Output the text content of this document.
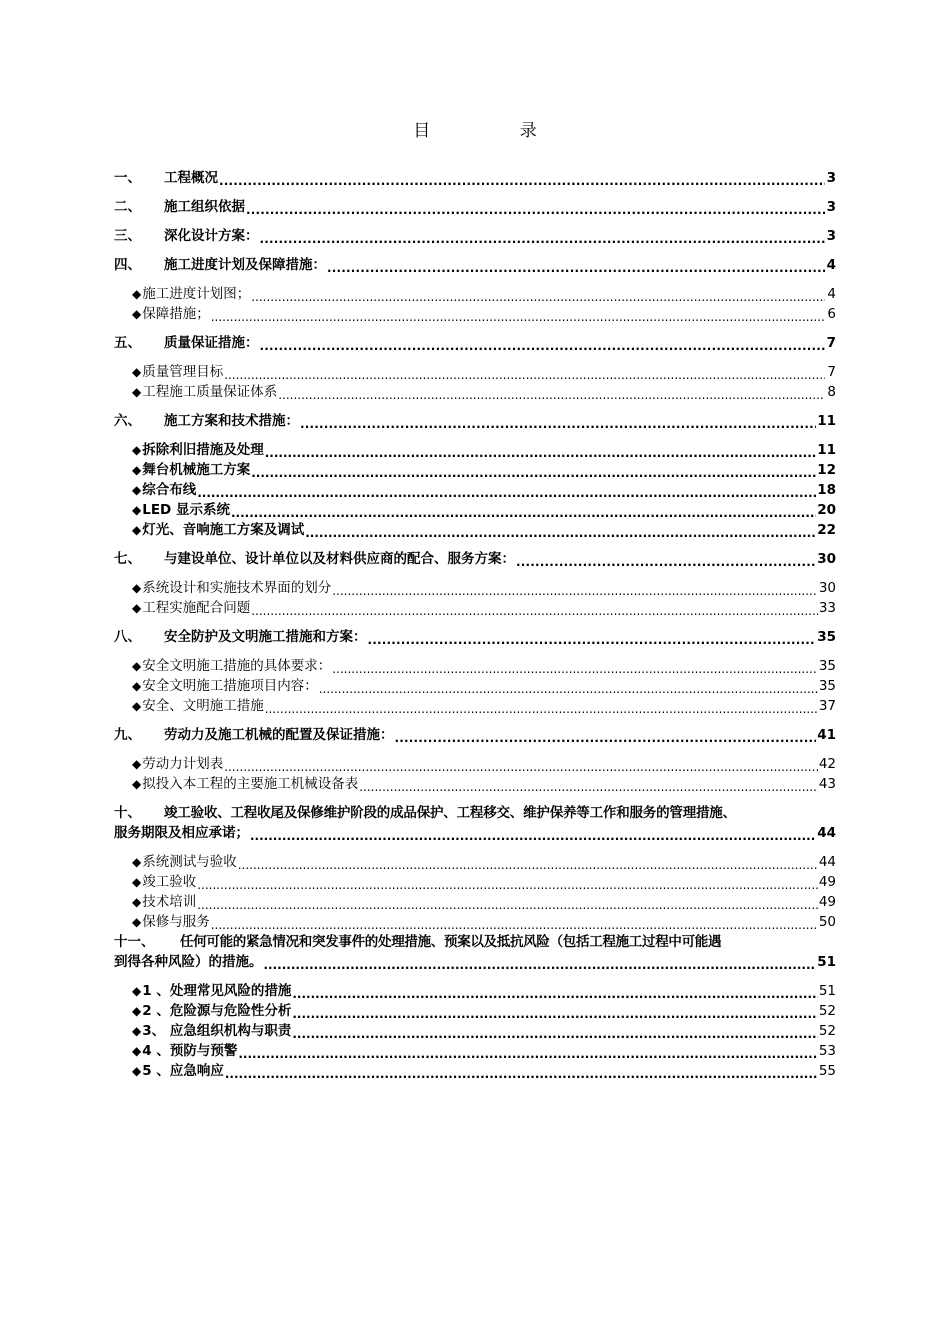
目 录
一、	工程概况 .....	3
二、	施工组织依据 .....	3
三、	深化设计方案： .....	3
四、	施工进度计划及保障措施： .....	4
◆ 施工进度计划图； .....	4
◆ 保障措施； .....	6
五、	质量保证措施： .....	7
◆ 质量管理目标 .....	7
◆ 工程施工质量保证体系 .....	8
六、	施工方案和技术措施： .....	11
◆ 拆除利旧措施及处理 .....	11
◆ 舞台机械施工方案 .....	12
◆ 综合布线 .....	18
◆ LED 显示系统 .....	20
◆ 灯光、音响施工方案及调试 .....	22
七、	与建设单位、设计单位以及材料供应商的配合、服务方案： .....	30
◆ 系统设计和实施技术界面的划分 .....	30
◆ 工程实施配合问题 .....	33
八、	安全防护及文明施工措施和方案： .....	35
◆ 安全文明施工措施的具体要求： .....	35
◆ 安全文明施工措施项目内容： .....	35
◆ 安全、文明施工措施 .....	37
九、	劳动力及施工机械的配置及保证措施： .....	41
◆ 劳动力计划表 .....	42
◆ 拟投入本工程的主要施工机械设备表 .....	43
十、 竣工验收、工程收尾及保修维护阶段的成品保护、工程移交、维护保养等工作和服务的管理措施、
服务期限及相应承诺； .....	44
◆ 系统测试与验收 .....	44
◆ 竣工验收 .....	49
◆ 技术培训 .....	49
◆ 保修与服务 .....	50
十一、 任何可能的紧急情况和突发事件的处理措施、预案以及抵抗风险（包括工程施工过程中可能遇
到得各种风险）的措施。 .....	51
◆ 1 、处理常见风险的措施 .....	51
◆ 2 、危险源与危险性分析 .....	52
◆ 3、 应急组织机构与职责 .....	52
◆ 4 、预防与预警 .....	53
◆ 5 、应急响应 .....	55
